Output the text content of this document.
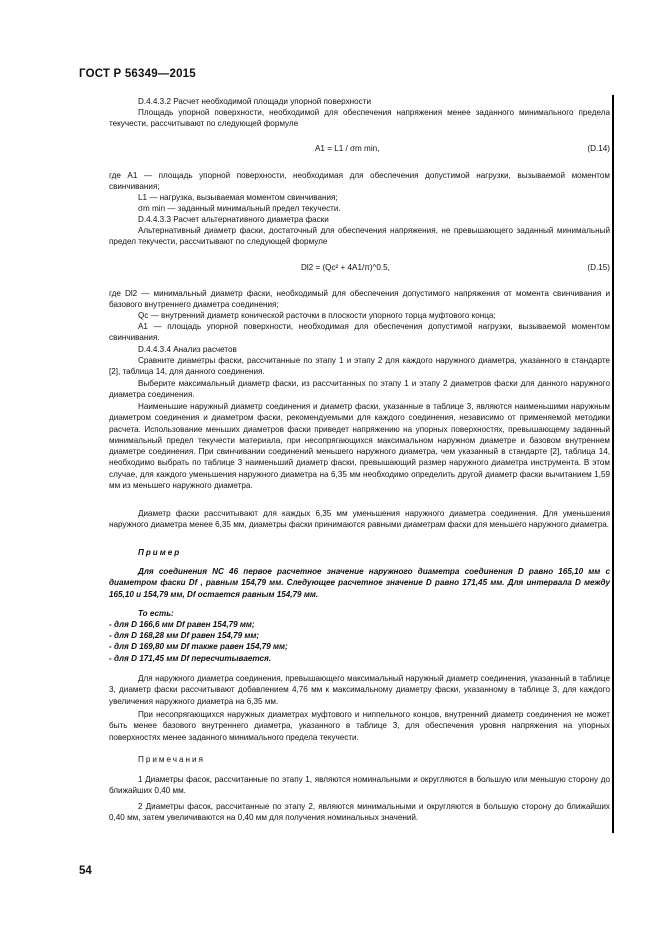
ГОСТ Р 56349—2015

D.4.4.3.2 Расчет необходимой площади упорной поверхности

Площадь упорной поверхности, необходимой для обеспечения напряжения менее заданного минимального предела текучести, рассчитывают по следующей формуле

A1 = L1 / σm min,	(D.14)

где A1 — площадь упорной поверхности, необходимая для обеспечения допустимой нагрузки, вызываемой моментом свинчивания;

L1 — нагрузка, вызываемая моментом свинчивания;

σm min — заданный минимальный предел текучести.

D.4.4.3.3 Расчет альтернативного диаметра фаски

Альтернативный диаметр фаски, достаточный для обеспечения напряжения, не превышающего заданный минимальный предел текучести, рассчитывают по следующей формуле

Dl2 = (Qc² + 4A1/π)^0.5,	(D.15)

где Dl2 — минимальный диаметр фаски, необходимый для обеспечения допустимого напряжения от момента свинчивания и базового внутреннего диаметра соединения;

Qc — внутренний диаметр конической расточки в плоскости упорного торца муфтового конца;

A1 — площадь упорной поверхности, необходимая для обеспечения допустимой нагрузки, вызываемой моментом свинчивания.

D.4.4.3.4 Анализ расчетов

Сравните диаметры фаски, рассчитанные по этапу 1 и этапу 2 для каждого наружного диаметра, указанного в стандарте [2], таблица 14, для данного соединения.

Выберите максимальный диаметр фаски, из рассчитанных по этапу 1 и этапу 2 диаметров фаски для данного наружного диаметра соединения.

Наименьшие наружный диаметр соединения и диаметр фаски, указанные в таблице 3, являются наименьшими наружным диаметром соединения и диаметром фаски, рекомендуемыми для каждого соединения, независимо от применяемой методики расчета. Использование меньших диаметров фаски приведет напряжению на упорных поверхностях, превышающему заданный минимальный предел текучести материала, при несопрягающихся максимальном наружном диаметре и базовом внутреннем диаметре соединения. При свинчивании соединений меньшего наружного диаметра, чем указанный в стандарте [2], таблица 14, необходимо выбрать по таблице 3 наименьший диаметр фаски, превышающий размер наружного диаметра инструмента. В этом случае, для каждого уменьшения наружного диаметра на 6,35 мм необходимо определить другой диаметр фаски вычитанием 1,59 мм из меньшего наружного диаметра.

Диаметр фаски рассчитывают для каждых 6,35 мм уменьшения наружного диаметра соединения. Для уменьшения наружного диаметра менее 6,35 мм, диаметры фаски принимаются равными диаметрам фаски для меньшего наружного диаметра.

Пример

Для соединения NC 46 первое расчетное значение наружного диаметра соединения D равно 165,10 мм с диаметром фаски Df , равным 154,79 мм. Следующее расчетное значение D равно 171,45 мм. Для интервала D между 165,10 и 154,79 мм, Df остается равным 154,79 мм.

То есть:

- для D 166,6 мм Df равен 154,79 мм;

- для D 168,28 мм Df равен 154,79 мм;

- для D 169,80 мм Df также равен 154,79 мм;

- для D 171,45 мм Df пересчитывается.

Для наружного диаметра соединения, превышающего максимальный наружный диаметр соединения, указанный в таблице 3, диаметр фаски рассчитывают добавлением 4,76 мм к максимальному диаметру фаски, указанному в таблице 3, для каждого увеличения наружного диаметра на 6,35 мм.

При несопрягающихся наружных диаметрах муфтового и ниппельного концов, внутренний диаметр соединения не может быть менее базового внутреннего диаметра, указанного в таблице 3, для обеспечения уровня напряжения на упорных поверхностях менее заданного минимального предела текучести.

Примечания

1 Диаметры фасок, рассчитанные по этапу 1, являются номинальными и округляются в большую или меньшую сторону до ближайших 0,40 мм.

2 Диаметры фасок, рассчитанные по этапу 2, являются минимальными и округляются в большую сторону до ближайших 0,40 мм, затем увеличиваются на 0,40 мм для получения номинальных значений.

54
